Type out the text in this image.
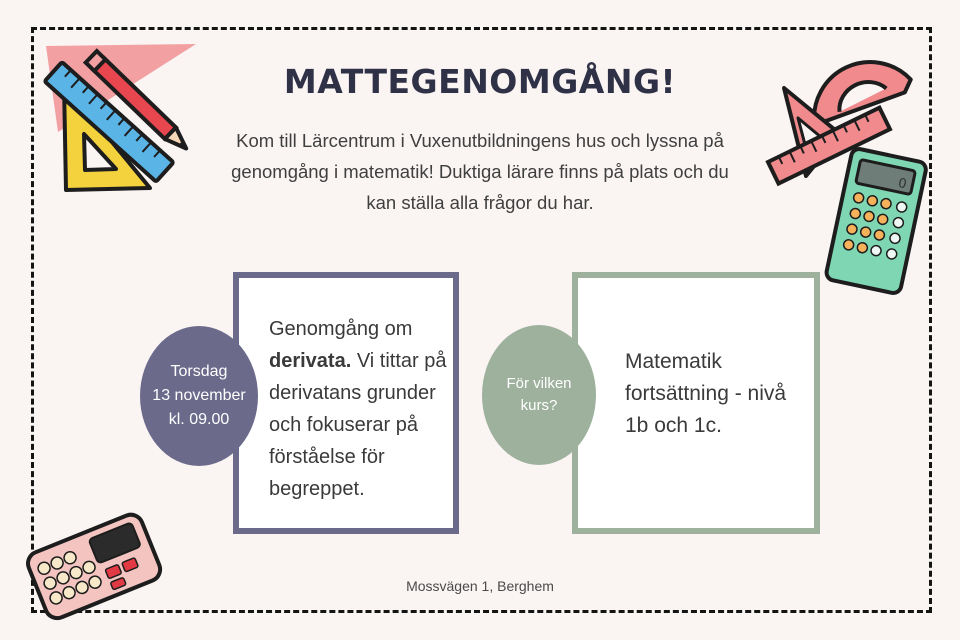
0
MATTEGENOMGÅNG!
Kom till Lärcentrum i Vuxenutbildningens hus och lyssna på
genomgång i matematik! Duktiga lärare finns på plats och du
kan ställa alla frågor du har.
Torsdag
13 november
kl. 09.00
För vilken
kurs?
Genomgång om
derivata. Vi tittar på
derivatans grunder
och fokuserar på
förståelse för
begreppet.
Matematik
fortsättning - nivå
1b och 1c.
Mossvägen 1, Berghem
